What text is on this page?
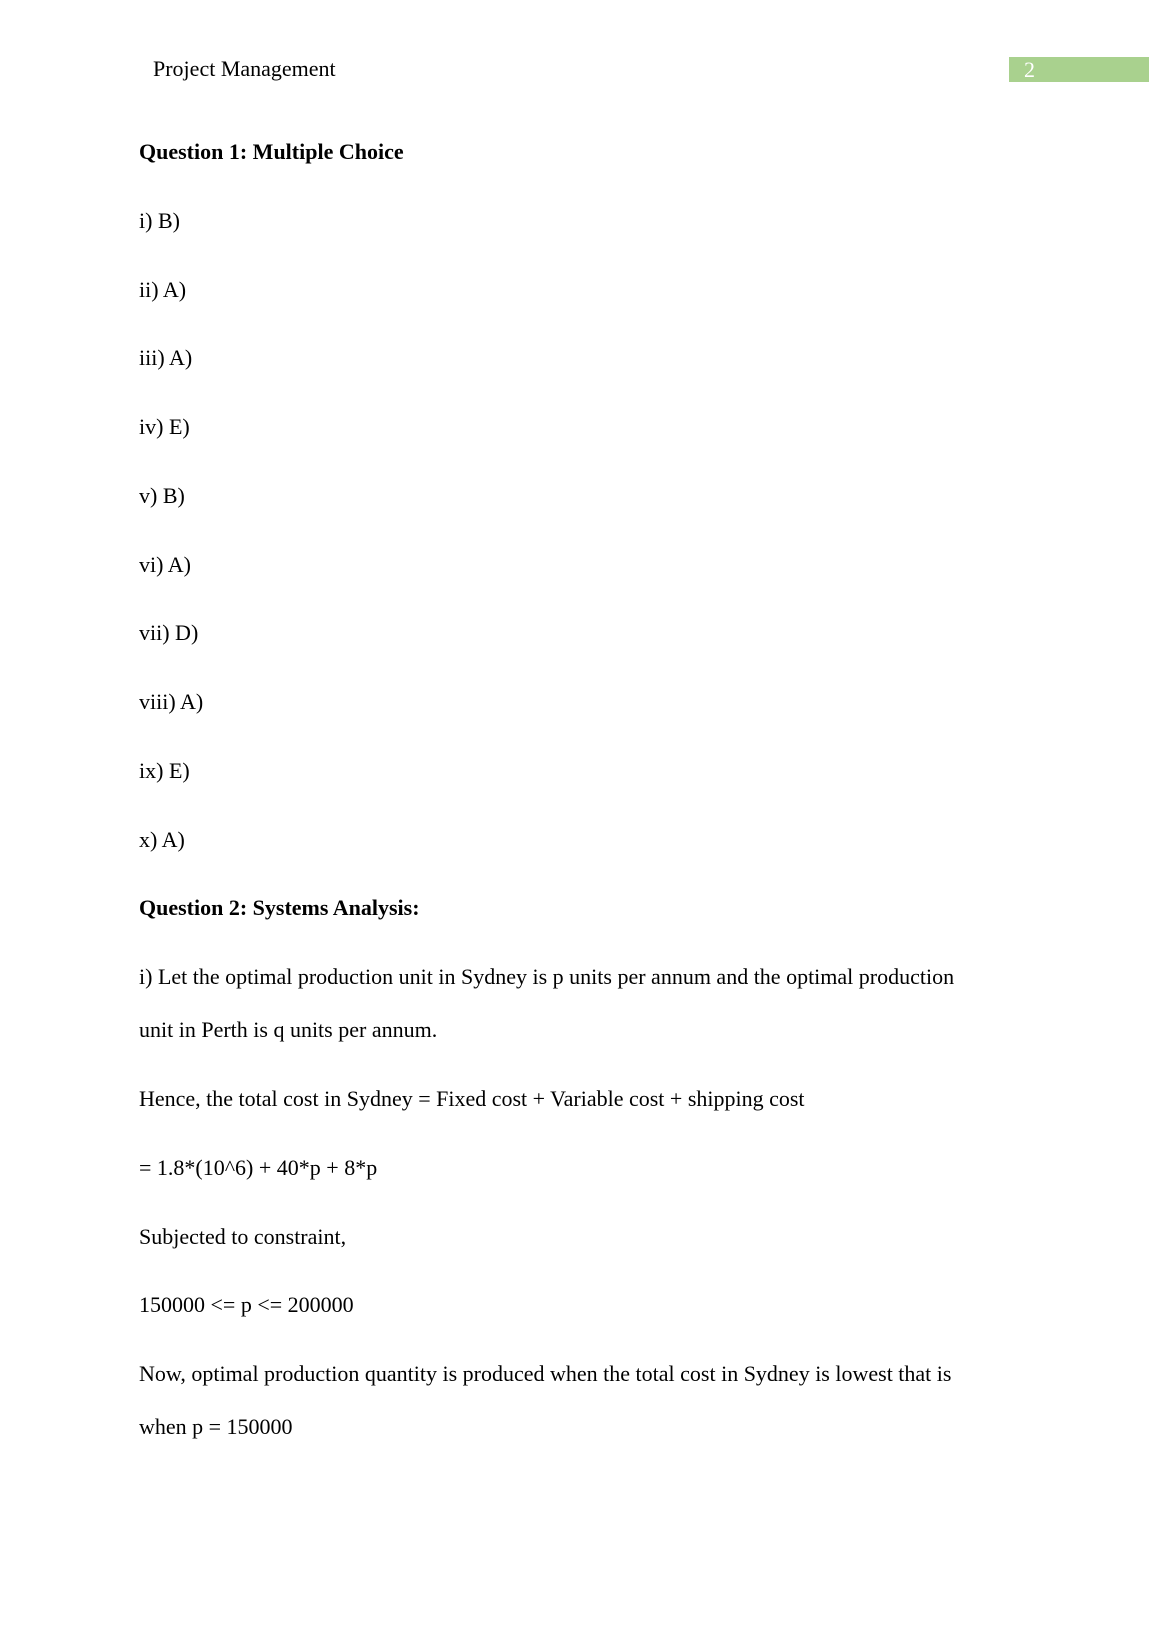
Project Management	2
Question 1: Multiple Choice
i) B)
ii) A)
iii) A)
iv) E)
v) B)
vi) A)
vii) D)
viii) A)
ix) E)
x) A)
Question 2: Systems Analysis:
i) Let the optimal production unit in Sydney is p units per annum and the optimal production
unit in Perth is q units per annum.
Hence, the total cost in Sydney = Fixed cost + Variable cost + shipping cost
= 1.8*(10^6) + 40*p + 8*p
Subjected to constraint,
150000 <= p <= 200000
Now, optimal production quantity is produced when the total cost in Sydney is lowest that is
when p = 150000
